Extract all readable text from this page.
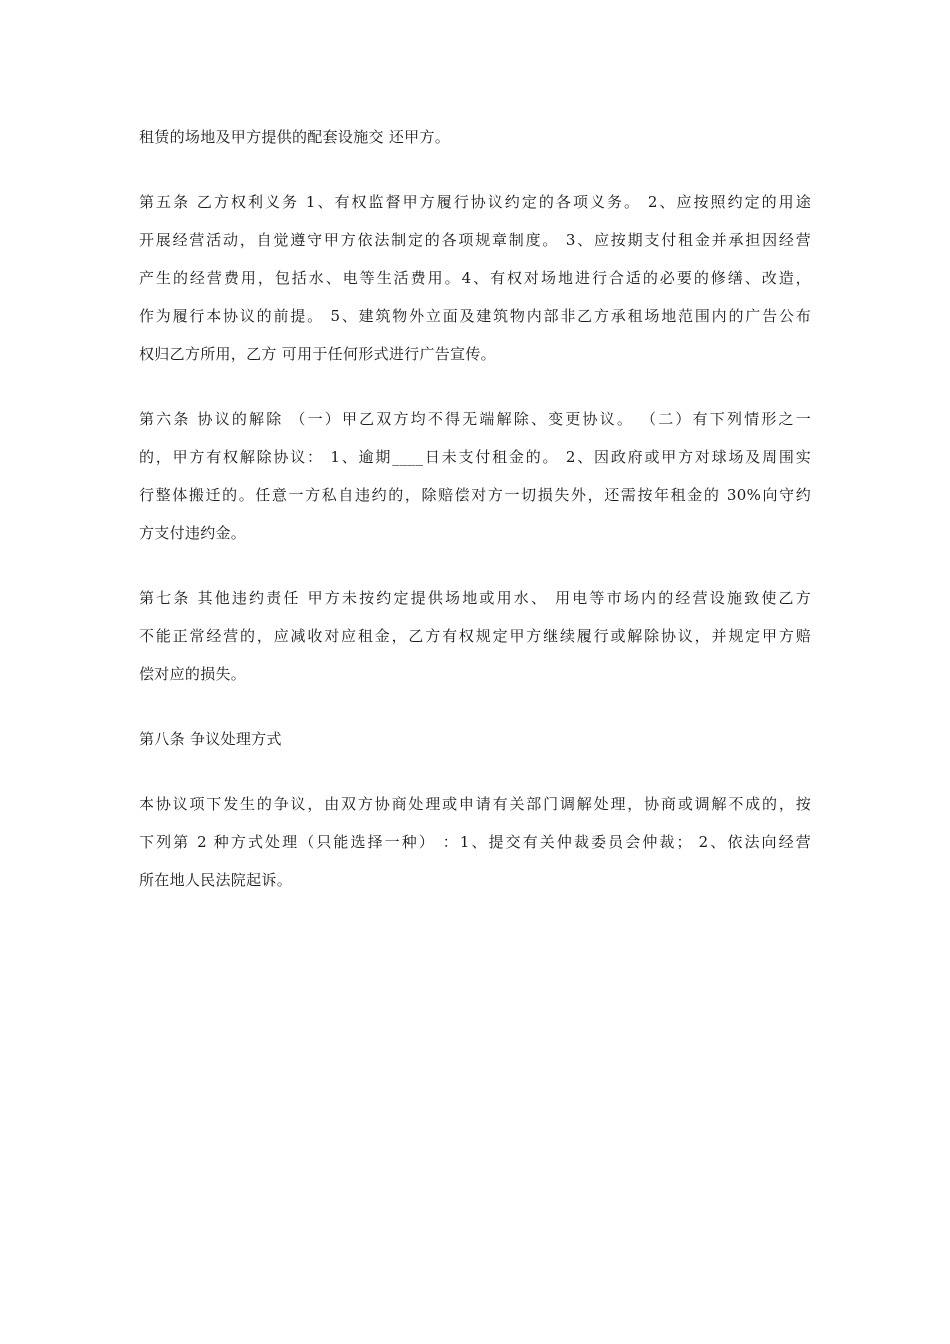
租赁的场地及甲方提供的配套设施交 还甲方。
第五条 乙方权利义务 1、有权监督甲方履行协议约定的各项义务。 2、应按照约定的用途
开展经营活动，自觉遵守甲方依法制定的各项规章制度。 3、应按期支付租金并承担因经营
产生的经营费用，包括水、电等生活费用。4、有权对场地进行合适的必要的修缮、改造，
作为履行本协议的前提。 5、建筑物外立面及建筑物内部非乙方承租场地范围内的广告公布
权归乙方所用，乙方 可用于任何形式进行广告宣传。
第六条 协议的解除 （一）甲乙双方均不得无端解除、变更协议。 （二）有下列情形之一
的，甲方有权解除协议： 1、逾期____日未支付租金的。 2、因政府或甲方对球场及周围实
行整体搬迁的。任意一方私自违约的，除赔偿对方一切损失外，还需按年租金的 30%向守约
方支付违约金。
第七条 其他违约责任 甲方未按约定提供场地或用水、 用电等市场内的经营设施致使乙方
不能正常经营的，应减收对应租金，乙方有权规定甲方继续履行或解除协议，并规定甲方赔
偿对应的损失。
第八条 争议处理方式
本协议项下发生的争议，由双方协商处理或申请有关部门调解处理，协商或调解不成的，按
下列第 2 种方式处理（只能选择一种） ：1、提交有关仲裁委员会仲裁； 2、依法向经营
所在地人民法院起诉。
